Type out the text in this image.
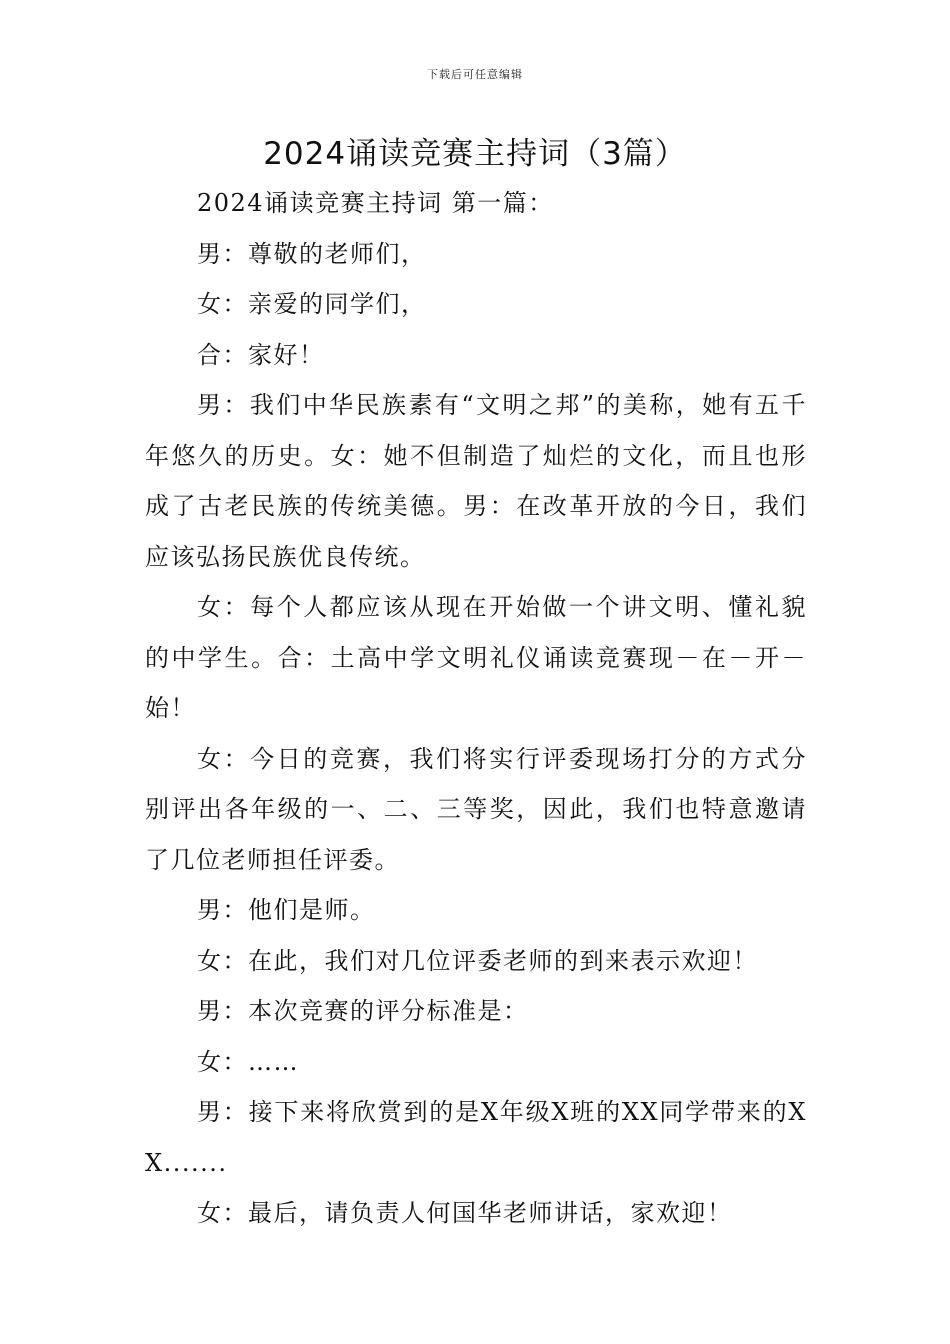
下载后可任意编辑
2024诵读竞赛主持词（3篇）

2024诵读竞赛主持词 第一篇：

男：尊敬的老师们，

女：亲爱的同学们，

合：家好！

男：我们中华民族素有“文明之邦”的美称，她有五千年悠久的历史。女：她不但制造了灿烂的文化，而且也形成了古老民族的传统美德。男：在改革开放的今日，我们应该弘扬民族优良传统。

女：每个人都应该从现在开始做一个讲文明、懂礼貌的中学生。合：土高中学文明礼仪诵读竞赛现－在－开－始！

女：今日的竞赛，我们将实行评委现场打分的方式分别评出各年级的一、二、三等奖，因此，我们也特意邀请了几位老师担任评委。

男：他们是师。

女：在此，我们对几位评委老师的到来表示欢迎！

男：本次竞赛的评分标准是：

女：……

男：接下来将欣赏到的是X年级X班的XX同学带来的XX.......

女：最后，请负责人何国华老师讲话，家欢迎！
